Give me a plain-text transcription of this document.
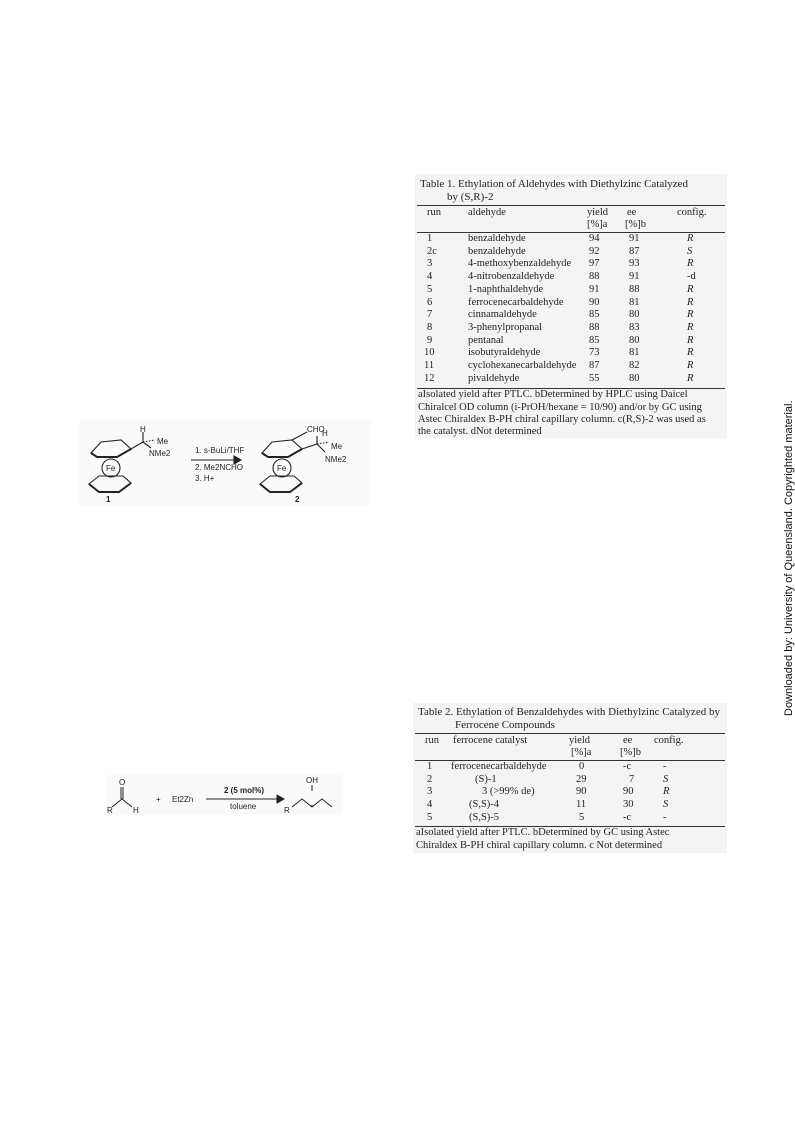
Fe
H
Me
NMe2	1. s-BuLi/THF
2. Me2NCHO
3. H+
Fe
CHO
H
Me
NMe2
1	2
O
R	H
+ Et2Zn
2 (5 mol%)
toluene
OH
R
Table 1. Ethylation of Aldehydes with Diethylzinc Catalyzed
by (S,R)-2
run	aldehyde	yield
[%]a
ee
[%]b
config.
1	benzaldehyde	94	91	R
2c	benzaldehyde	92	87	S
3	4-methoxybenzaldehyde 97	93	R
4	4-nitrobenzaldehyde	88	91	-d
5	1-naphthaldehyde	91	88	R
6	ferrocenecarbaldehyde 90	81	R
7	cinnamaldehyde	85	80	R
8	3-phenylpropanal	88	83	R
9	pentanal	85	80	R
10	isobutyraldehyde	73	81	R
11	cyclohexanecarbaldehyde 87	82	R
12	pivaldehyde	55	80	R
aIsolated yield after PTLC. bDetermined by HPLC using Daicel
Chiralcel OD column (i-PrOH/hexane = 10/90) and/or by GC using
Astec Chiraldex B-PH chiral capillary column. c(R,S)-2 was used as
the catalyst. dNot determined
Table 2. Ethylation of Benzaldehydes with Diethylzinc Catalyzed by
Ferrocene Compounds
run ferrocene catalyst	yield
[%]a
ee
[%]b
config.
1 ferrocenecarbaldehyde	0	-c	-
2	(S)-1	29	7	S
3	3 (>99% de)	90	90	R
4	(S,S)-4	11	30	S
5	(S,S)-5	5	-c	-
aIsolated yield after PTLC. bDetermined by GC using Astec
Chiraldex B-PH chiral capillary column. c Not determined
Downloaded by: University of Queensland. Copyrighted material.
